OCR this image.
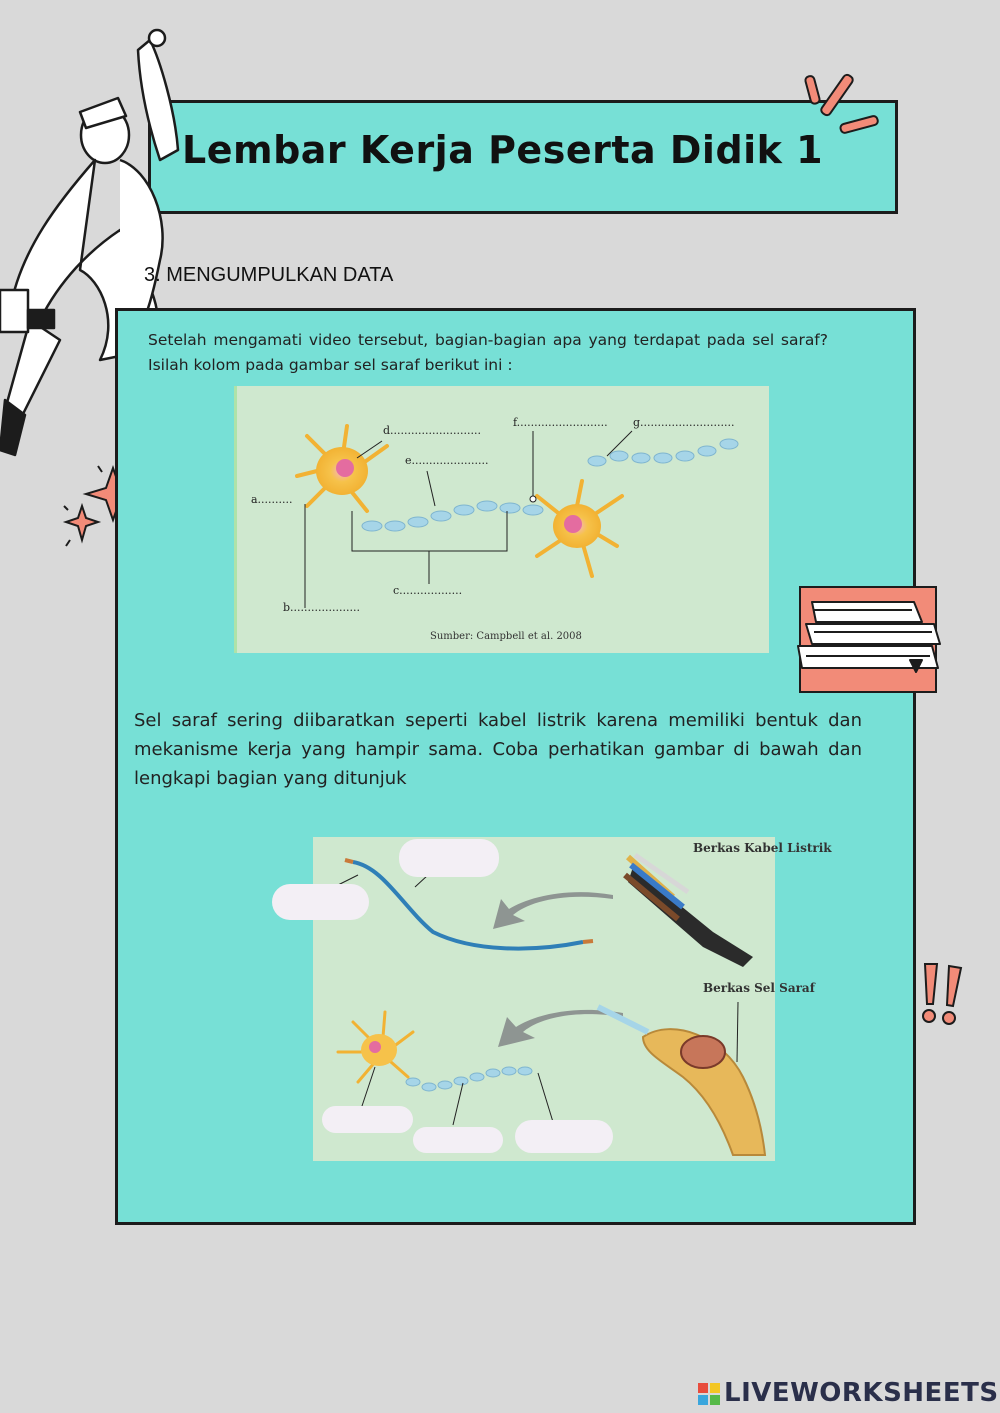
Lembar Kerja Peserta Didik 1
3. MENGUMPULKAN DATA
Setelah mengamati video tersebut, bagian-bagian apa yang terdapat pada sel saraf? Isilah kolom pada gambar sel saraf berikut ini :
a..........
b....................
c..................
d..........................
e......................
f.......................... g...........................
Sumber: Campbell et al. 2008
Sel saraf sering diibaratkan seperti kabel listrik karena memiliki bentuk dan mekanisme kerja yang hampir sama. Coba perhatikan gambar di bawah dan lengkapi bagian yang ditunjuk
Berkas Kabel Listrik
Berkas Sel Saraf
LIVEWORKSHEETS
